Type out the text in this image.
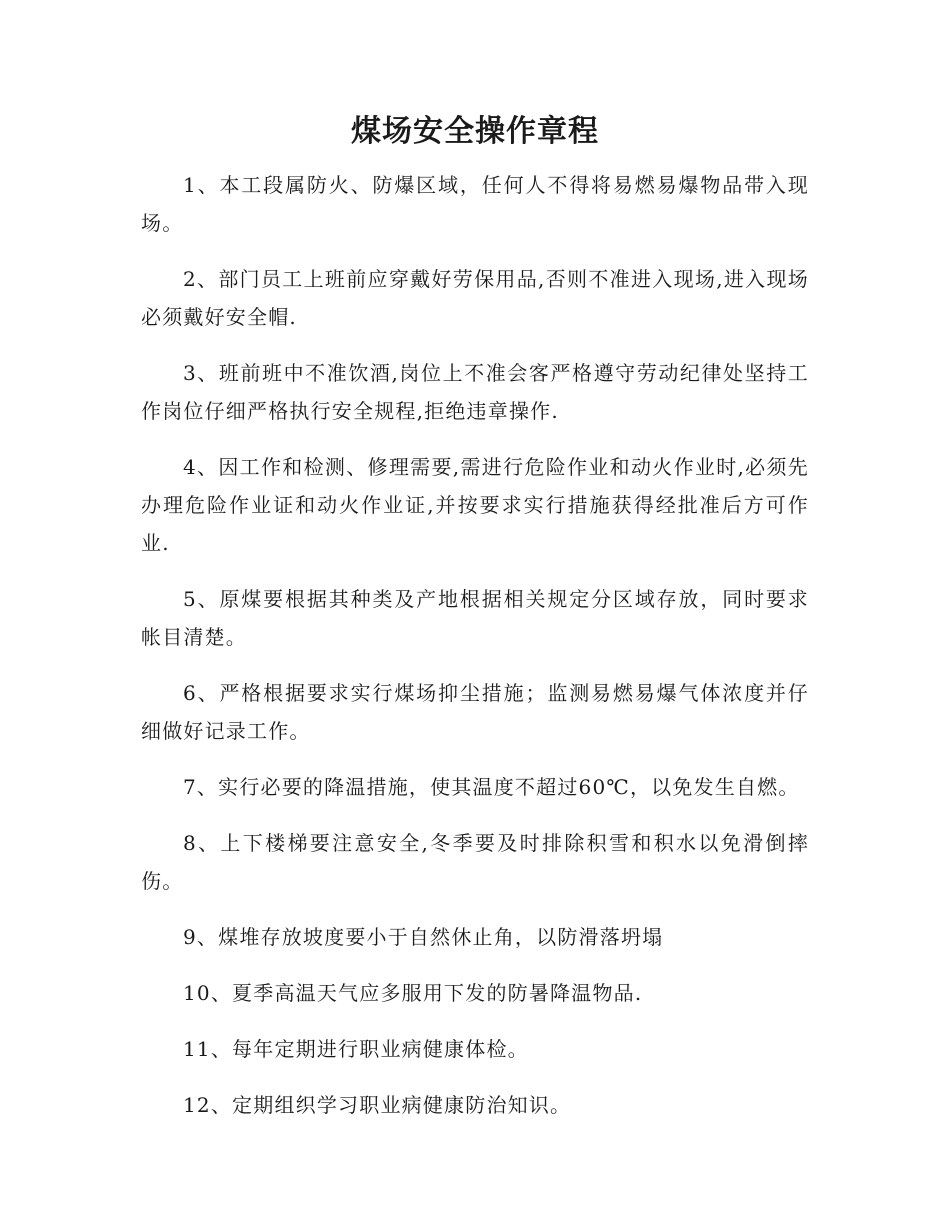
煤场安全操作章程

1、本工段属防火、防爆区域，任何人不得将易燃易爆物品带入现场。

2、部门员工上班前应穿戴好劳保用品,否则不准进入现场,进入现场必须戴好安全帽.

3、班前班中不准饮酒,岗位上不准会客严格遵守劳动纪律处坚持工作岗位仔细严格执行安全规程,拒绝违章操作.

4、因工作和检测、修理需要,需进行危险作业和动火作业时,必须先办理危险作业证和动火作业证,并按要求实行措施获得经批准后方可作业.

5、原煤要根据其种类及产地根据相关规定分区域存放，同时要求帐目清楚。

6、严格根据要求实行煤场抑尘措施；监测易燃易爆气体浓度并仔细做好记录工作。

7、实行必要的降温措施，使其温度不超过60℃，以免发生自燃。

8、上下楼梯要注意安全,冬季要及时排除积雪和积水以免滑倒摔伤。

9、煤堆存放坡度要小于自然休止角，以防滑落坍塌

10、夏季高温天气应多服用下发的防暑降温物品.

11、每年定期进行职业病健康体检。

12、定期组织学习职业病健康防治知识。
